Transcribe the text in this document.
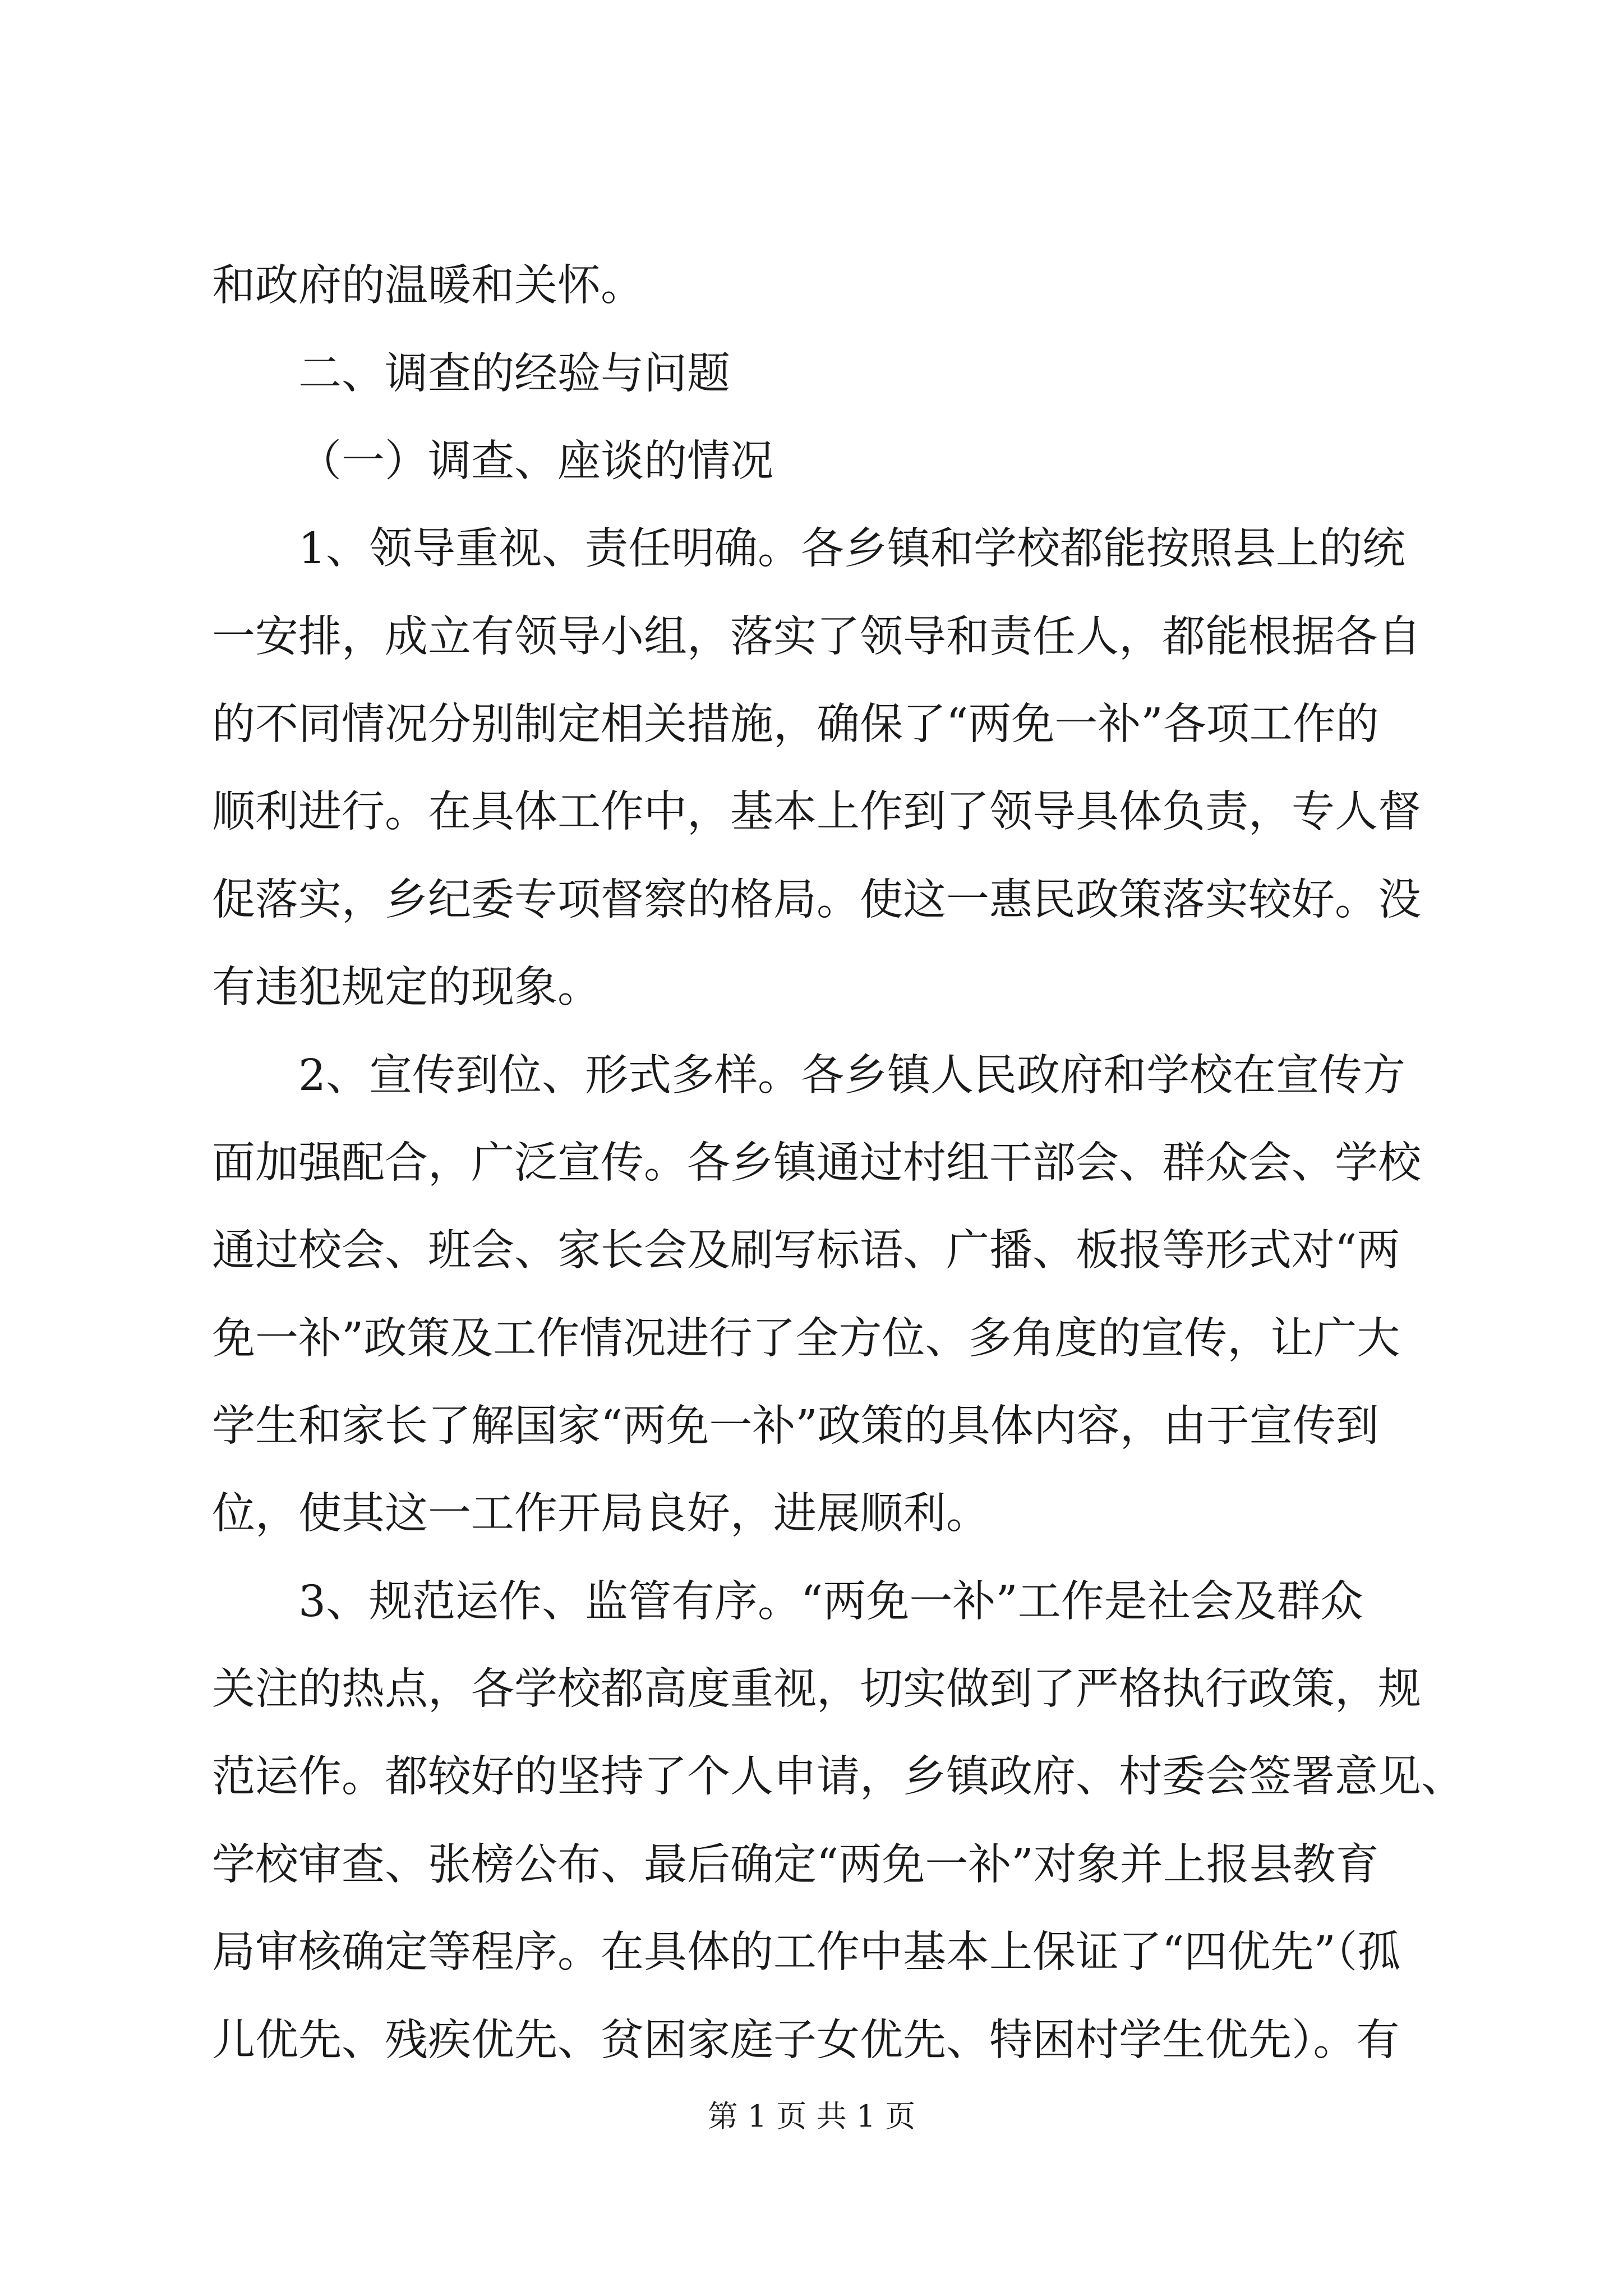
和政府的温暖和关怀。
二、调查的经验与问题
（一）调查、座谈的情况
1、领导重视、责任明确。各乡镇和学校都能按照县上的统
一安排，成立有领导小组，落实了领导和责任人，都能根据各自
的不同情况分别制定相关措施，确保了“两免一补”各项工作的
顺利进行。在具体工作中，基本上作到了领导具体负责，专人督
促落实，乡纪委专项督察的格局。使这一惠民政策落实较好。没
有违犯规定的现象。
2、宣传到位、形式多样。各乡镇人民政府和学校在宣传方
面加强配合，广泛宣传。各乡镇通过村组干部会、群众会、学校
通过校会、班会、家长会及刷写标语、广播、板报等形式对“两
免一补”政策及工作情况进行了全方位、多角度的宣传，让广大
学生和家长了解国家“两免一补”政策的具体内容，由于宣传到
位，使其这一工作开局良好，进展顺利。
3、规范运作、监管有序。“两免一补”工作是社会及群众
关注的热点，各学校都高度重视，切实做到了严格执行政策，规
范运作。都较好的坚持了个人申请，乡镇政府、村委会签署意见、
学校审查、张榜公布、最后确定“两免一补”对象并上报县教育
局审核确定等程序。在具体的工作中基本上保证了“四优先”（孤
儿优先、残疾优先、贫困家庭子女优先、特困村学生优先）。有
第 1 页 共 1 页
